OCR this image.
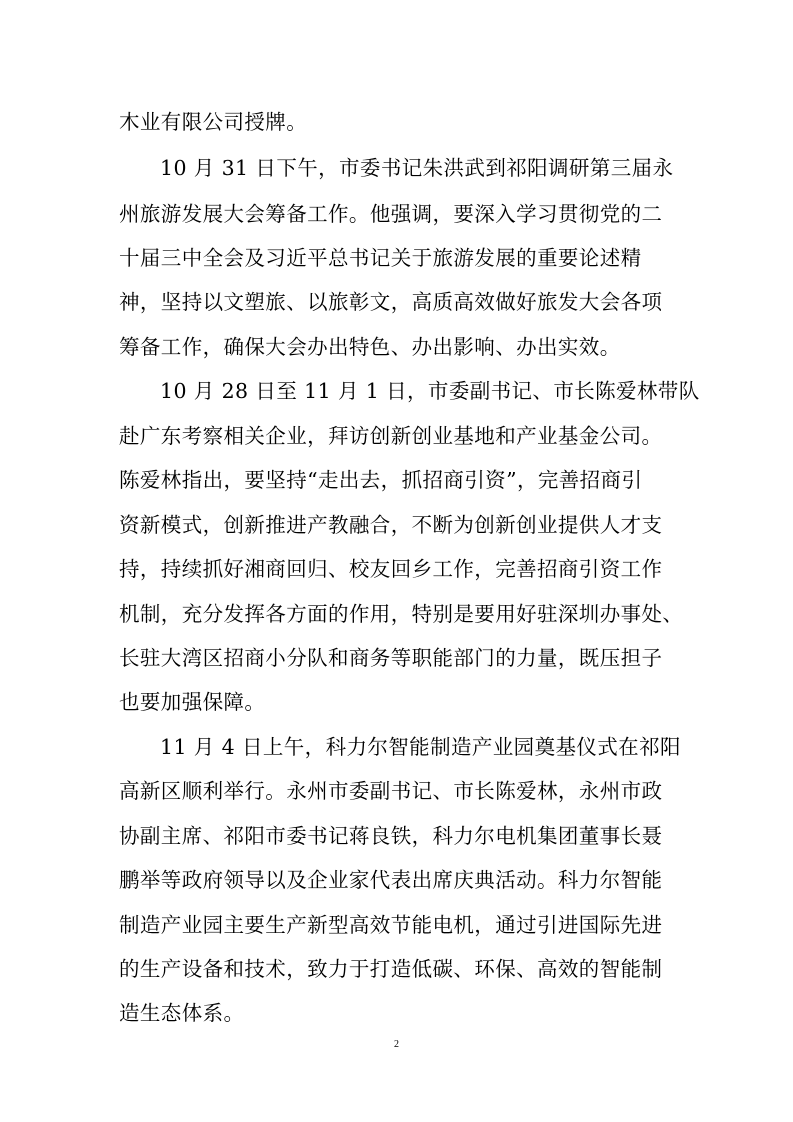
木业有限公司授牌。
10 月 31 日下午，市委书记朱洪武到祁阳调研第三届永
州旅游发展大会筹备工作。他强调，要深入学习贯彻党的二
十届三中全会及习近平总书记关于旅游发展的重要论述精
神，坚持以文塑旅、以旅彰文，高质高效做好旅发大会各项
筹备工作，确保大会办出特色、办出影响、办出实效。
10 月 28 日至 11 月 1 日，市委副书记、市长陈爱林带队
赴广东考察相关企业，拜访创新创业基地和产业基金公司。
陈爱林指出，要坚持“走出去，抓招商引资”，完善招商引
资新模式，创新推进产教融合，不断为创新创业提供人才支
持，持续抓好湘商回归、校友回乡工作，完善招商引资工作
机制，充分发挥各方面的作用，特别是要用好驻深圳办事处、
长驻大湾区招商小分队和商务等职能部门的力量，既压担子
也要加强保障。
11 月 4 日上午，科力尔智能制造产业园奠基仪式在祁阳
高新区顺利举行。永州市委副书记、市长陈爱林，永州市政
协副主席、祁阳市委书记蒋良铁，科力尔电机集团董事长聂
鹏举等政府领导以及企业家代表出席庆典活动。科力尔智能
制造产业园主要生产新型高效节能电机，通过引进国际先进
的生产设备和技术，致力于打造低碳、环保、高效的智能制
造生态体系。
2
